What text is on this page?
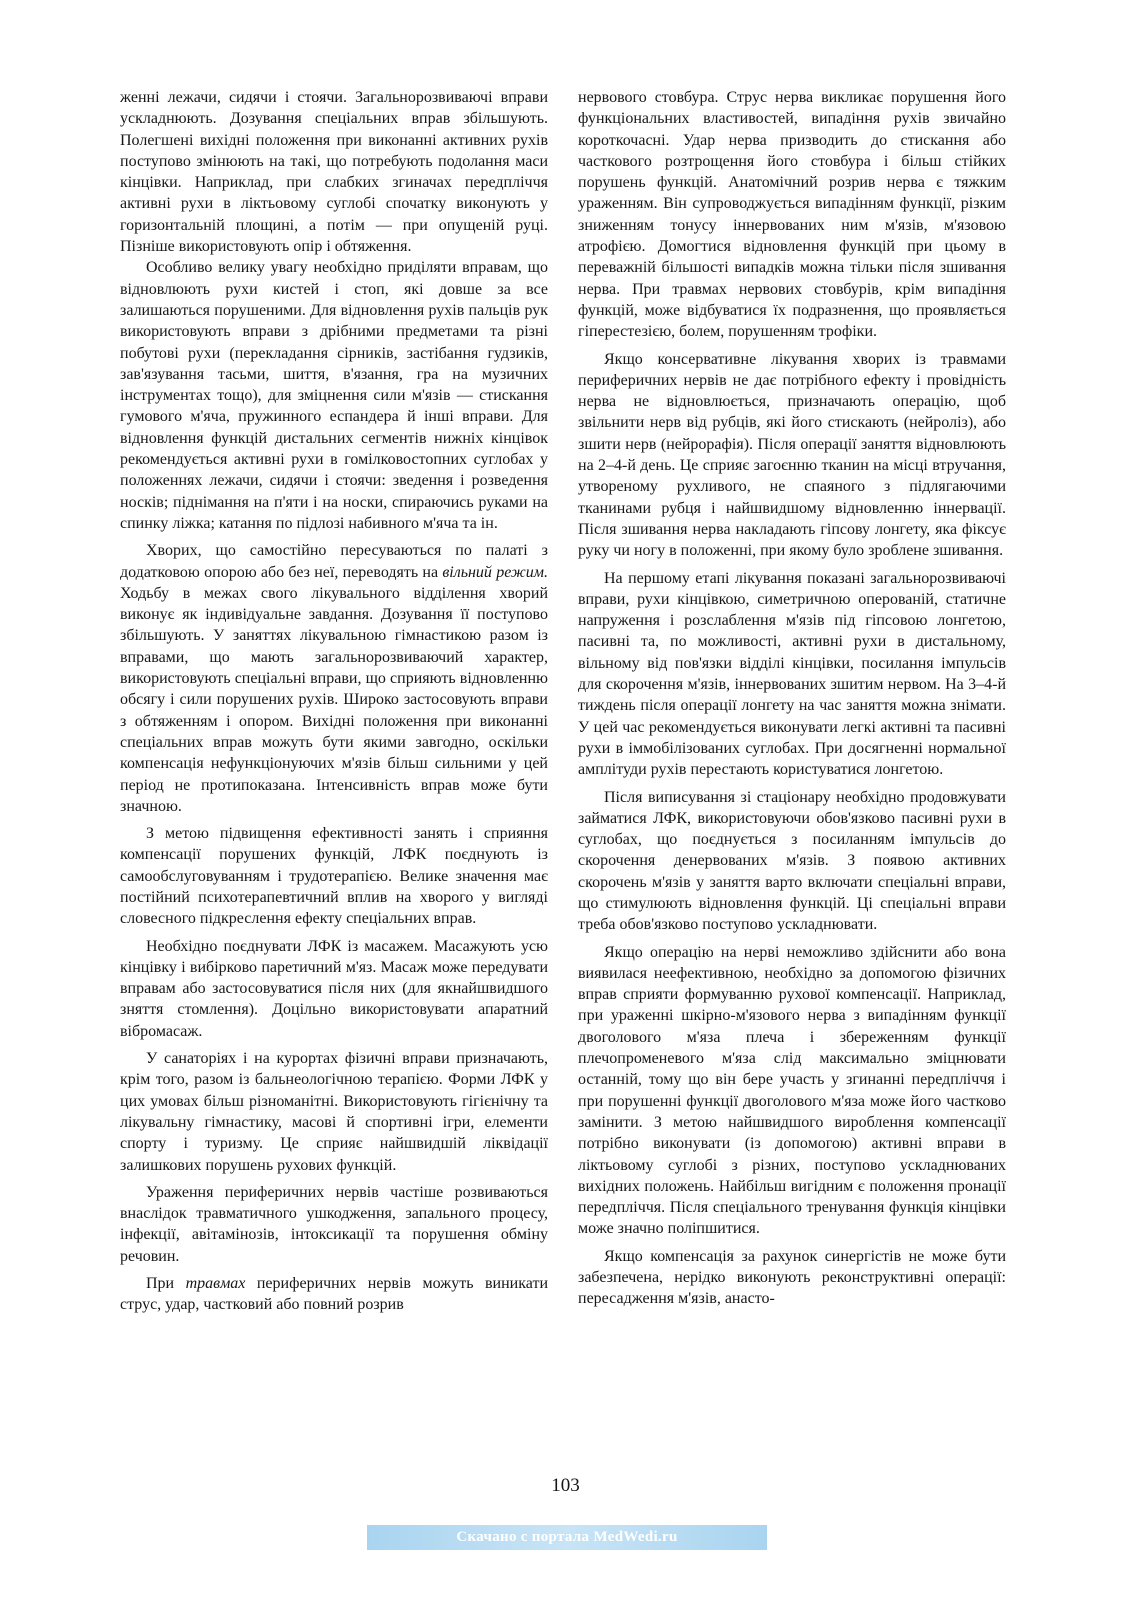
женні лежачи, сидячи і стоячи. Загальнорозвиваючі вправи ускладнюють. Дозування спеціальних вправ збільшують. Полегшені вихідні положення при виконанні активних рухів поступово змінюють на такі, що потребують подолання маси кінцівки. Наприклад, при слабких згиначах передпліччя активні рухи в ліктьовому суглобі спочатку виконують у горизонтальній площині, а потім — при опущеній руці. Пізніше використовують опір і обтяження.

Особливо велику увагу необхідно приділяти вправам, що відновлюють рухи кистей і стоп, які довше за все залишаються порушеними. Для відновлення рухів пальців рук використовують вправи з дрібними предметами та різні побутові рухи (перекладання сірників, застібання гудзиків, зав'язування тасьми, шиття, в'язання, гра на музичних інструментах тощо), для зміцнення сили м'язів — стискання гумового м'яча, пружинного еспандера й інші вправи. Для відновлення функцій дистальних сегментів нижніх кінцівок рекомендується активні рухи в гомілковостопних суглобах у положеннях лежачи, сидячи і стоячи: зведення і розведення носків; піднімання на п'яти і на носки, спираючись руками на спинку ліжка; катання по підлозі набивного м'яча та ін.

Хворих, що самостійно пересуваються по палаті з додатковою опорою або без неї, переводять на вільний режим. Ходьбу в межах свого лікувального відділення хворий виконує як індивідуальне завдання. Дозування її поступово збільшують. У заняттях лікувальною гімнастикою разом із вправами, що мають загальнорозвиваючий характер, використовують спеціальні вправи, що сприяють відновленню обсягу і сили порушених рухів. Широко застосовують вправи з обтяженням і опором. Вихідні положення при виконанні спеціальних вправ можуть бути якими завгодно, оскільки компенсація нефункціонуючих м'язів більш сильними у цей період не протипоказана. Інтенсивність вправ може бути значною.

З метою підвищення ефективності занять і сприяння компенсації порушених функцій, ЛФК поєднують із самообслуговуванням і трудотерапією. Велике значення має постійний психотерапевтичний вплив на хворого у вигляді словесного підкреслення ефекту спеціальних вправ.

Необхідно поєднувати ЛФК із масажем. Масажують усю кінцівку і вибірково паретичний м'яз. Масаж може передувати вправам або застосовуватися після них (для якнайшвидшого зняття стомлення). Доцільно використовувати апаратний вібромасаж.

У санаторіях і на курортах фізичні вправи призначають, крім того, разом із бальнеологічною терапією. Форми ЛФК у цих умовах більш різноманітні. Використовують гігієнічну та лікувальну гімнастику, масові й спортивні ігри, елементи спорту і туризму. Це сприяє найшвидшій ліквідації залишкових порушень рухових функцій.

Ураження периферичних нервів частіше розвиваються внаслідок травматичного ушкодження, запального процесу, інфекції, авітамінозів, інтоксикації та порушення обміну речовин.

При травмах периферичних нервів можуть виникати струс, удар, частковий або повний розрив

нервового стовбура. Струс нерва викликає порушення його функціональних властивостей, випадіння рухів звичайно короткочасні. Удар нерва призводить до стискання або часткового розтрощення його стовбура і більш стійких порушень функцій. Анатомічний розрив нерва є тяжким ураженням. Він супроводжується випадінням функції, різким зниженням тонусу іннервованих ним м'язів, м'язовою атрофією. Домогтися відновлення функцій при цьому в переважній більшості випадків можна тільки після зшивання нерва. При травмах нервових стовбурів, крім випадіння функцій, може відбуватися їх подразнення, що проявляється гіперестезією, болем, порушенням трофіки.

Якщо консервативне лікування хворих із травмами периферичних нервів не дає потрібного ефекту і провідність нерва не відновлюється, призначають операцію, щоб звільнити нерв від рубців, які його стискають (нейроліз), або зшити нерв (нейрорафія). Після операції заняття відновлюють на 2–4-й день. Це сприяє загоєнню тканин на місці втручання, утвореному рухливого, не спаяного з підлягаючими тканинами рубця і найшвидшому відновленню іннервації. Після зшивання нерва накладають гіпсову лонгету, яка фіксує руку чи ногу в положенні, при якому було зроблене зшивання.

На першому етапі лікування показані загальнорозвиваючі вправи, рухи кінцівкою, симетричною оперованій, статичне напруження і розслаблення м'язів під гіпсовою лонгетою, пасивні та, по можливості, активні рухи в дистальному, вільному від пов'язки відділі кінцівки, посилання імпульсів для скорочення м'язів, іннервованих зшитим нервом. На 3–4-й тиждень після операції лонгету на час заняття можна знімати. У цей час рекомендується виконувати легкі активні та пасивні рухи в іммобілізованих суглобах. При досягненні нормальної амплітуди рухів перестають користуватися лонгетою.

Після виписування зі стаціонару необхідно продовжувати займатися ЛФК, використовуючи обов'язково пасивні рухи в суглобах, що поєднується з посиланням імпульсів до скорочення денервованих м'язів. З появою активних скорочень м'язів у заняття варто включати спеціальні вправи, що стимулюють відновлення функцій. Ці спеціальні вправи треба обов'язково поступово ускладнювати.

Якщо операцію на нерві неможливо здійснити або вона виявилася неефективною, необхідно за допомогою фізичних вправ сприяти формуванню рухової компенсації. Наприклад, при ураженні шкірно-м'язового нерва з випадінням функції двоголового м'яза плеча і збереженням функції плечопроменевого м'яза слід максимально зміцнювати останній, тому що він бере участь у згинанні передпліччя і при порушенні функції двоголового м'яза може його частково замінити. З метою найшвидшого вироблення компенсації потрібно виконувати (із допомогою) активні вправи в ліктьовому суглобі з різних, поступово ускладнюваних вихідних положень. Найбільш вигідним є положення пронації передпліччя. Після спеціального тренування функція кінцівки може значно поліпшитися.

Якщо компенсація за рахунок синергістів не може бути забезпечена, нерідко виконують реконструктивні операції: пересадження м'язів, анасто-

103
Скачано с портала MedWedi.ru
